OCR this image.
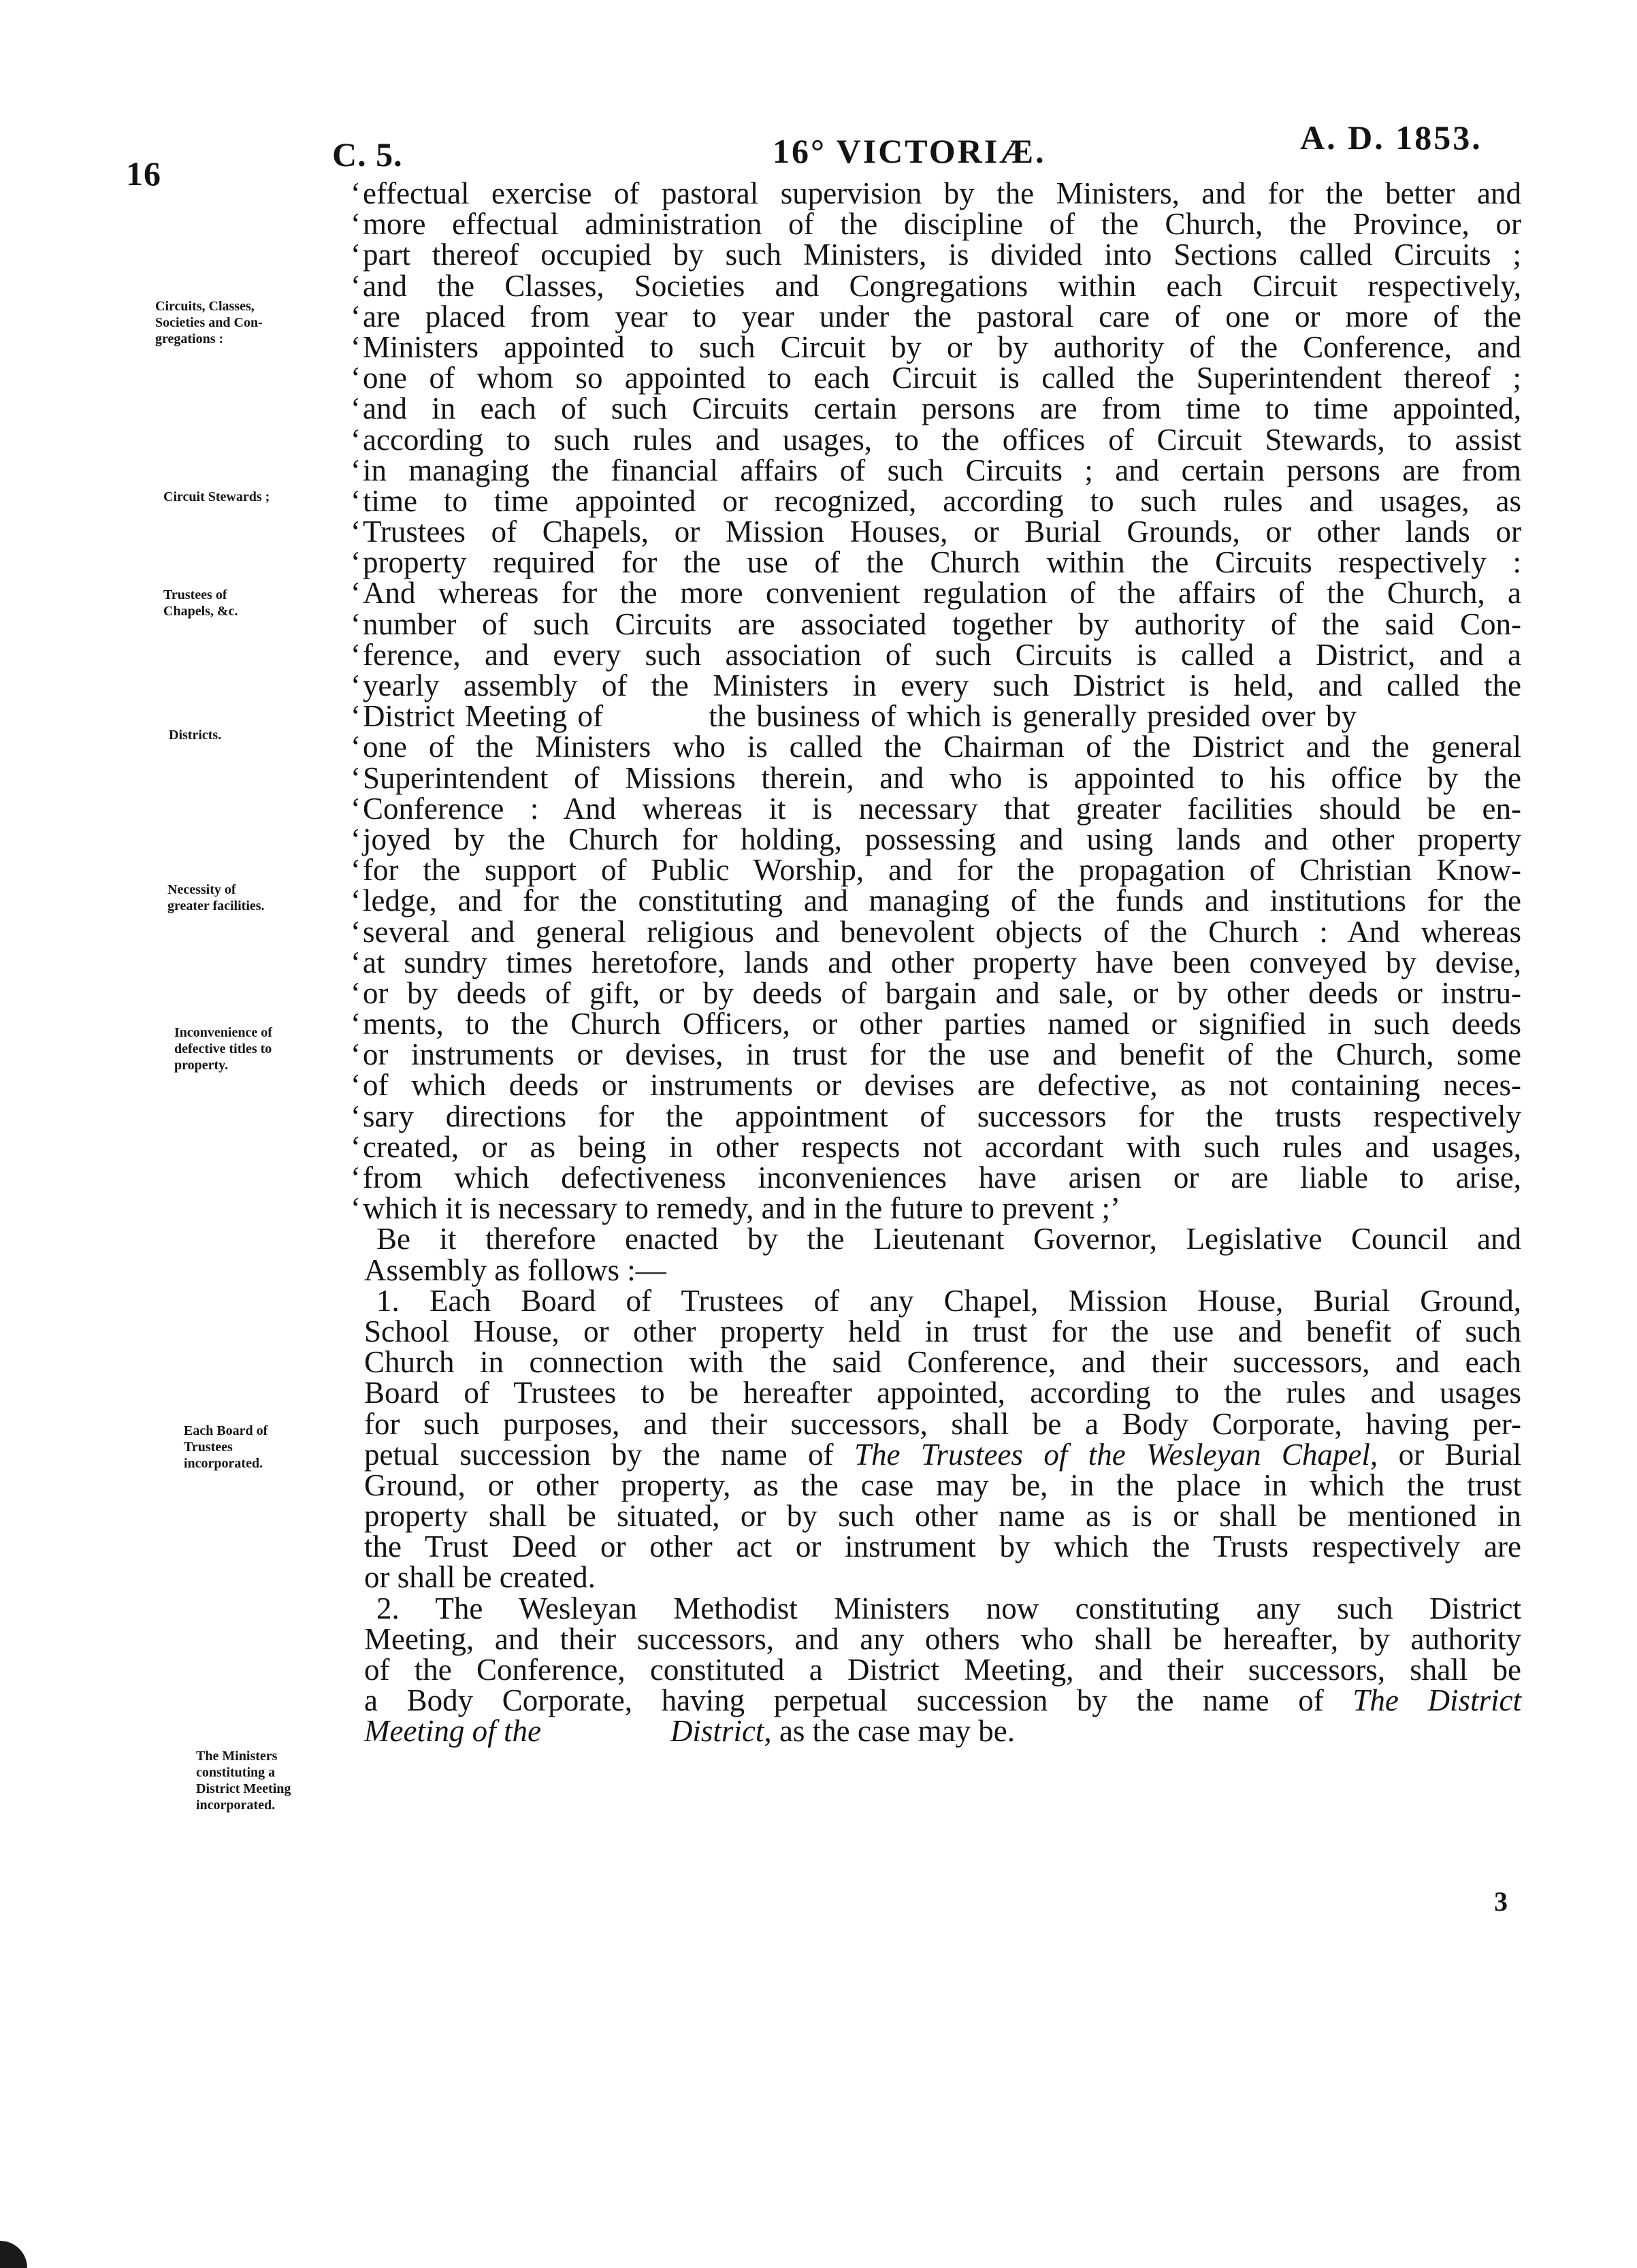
16	C. 5.	16° VICTORIÆ.	A. D. 1853.
Circuits, Classes,
Societies and Con-
gregations :
Circuit Stewards ;
Trustees of
Chapels, &c.
Districts.
Necessity of
greater facilities.
Inconvenience of
defective titles to
property.
Each Board of
Trustees
incorporated.
The Ministers
constituting a
District Meeting
incorporated.
‘effectual exercise of pastoral supervision by the Ministers, and for the better and
‘more effectual administration of the discipline of the Church, the Province, or
‘part thereof occupied by such Ministers, is divided into Sections called Circuits ;
‘and the Classes, Societies and Congregations within each Circuit respectively,
‘are placed from year to year under the pastoral care of one or more of the
‘Ministers appointed to such Circuit by or by authority of the Conference, and
‘one of whom so appointed to each Circuit is called the Superintendent thereof ;
‘and in each of such Circuits certain persons are from time to time appointed,
‘according to such rules and usages, to the offices of Circuit Stewards, to assist
‘in managing the financial affairs of such Circuits ; and certain persons are from
‘time to time appointed or recognized, according to such rules and usages, as
‘Trustees of Chapels, or Mission Houses, or Burial Grounds, or other lands or
‘property required for the use of the Church within the Circuits respectively :
‘And whereas for the more convenient regulation of the affairs of the Church, a
‘number of such Circuits are associated together by authority of the said Con-
‘ference, and every such association of such Circuits is called a District, and a
‘yearly assembly of the Ministers in every such District is held, and called the
‘District Meeting of	the business of which is generally presided over by
‘one of the Ministers who is called the Chairman of the District and the general
‘Superintendent of Missions therein, and who is appointed to his office by the
‘Conference : And whereas it is necessary that greater facilities should be en-
‘joyed by the Church for holding, possessing and using lands and other property
‘for the support of Public Worship, and for the propagation of Christian Know-
‘ledge, and for the constituting and managing of the funds and institutions for the
‘several and general religious and benevolent objects of the Church : And whereas
‘at sundry times heretofore, lands and other property have been conveyed by devise,
‘or by deeds of gift, or by deeds of bargain and sale, or by other deeds or instru-
‘ments, to the Church Officers, or other parties named or signified in such deeds
‘or instruments or devises, in trust for the use and benefit of the Church, some
‘of which deeds or instruments or devises are defective, as not containing neces-
‘sary directions for the appointment of successors for the trusts respectively
‘created, or as being in other respects not accordant with such rules and usages,
‘from which defectiveness inconveniences have arisen or are liable to arise,
‘which it is necessary to remedy, and in the future to prevent ;’
Be it therefore enacted by the Lieutenant Governor, Legislative Council and
Assembly as follows :—
1. Each Board of Trustees of any Chapel, Mission House, Burial Ground,
School House, or other property held in trust for the use and benefit of such
Church in connection with the said Conference, and their successors, and each
Board of Trustees to be hereafter appointed, according to the rules and usages
for such purposes, and their successors, shall be a Body Corporate, having per-
petual succession by the name of The Trustees of the Wesleyan Chapel, or Burial
Ground, or other property, as the case may be, in the place in which the trust
property shall be situated, or by such other name as is or shall be mentioned in
the Trust Deed or other act or instrument by which the Trusts respectively are
or shall be created.
2. The Wesleyan Methodist Ministers now constituting any such District
Meeting, and their successors, and any others who shall be hereafter, by authority
of the Conference, constituted a District Meeting, and their successors, shall be
a Body Corporate, having perpetual succession by the name of The District
Meeting of the	District, as the case may be.
3
